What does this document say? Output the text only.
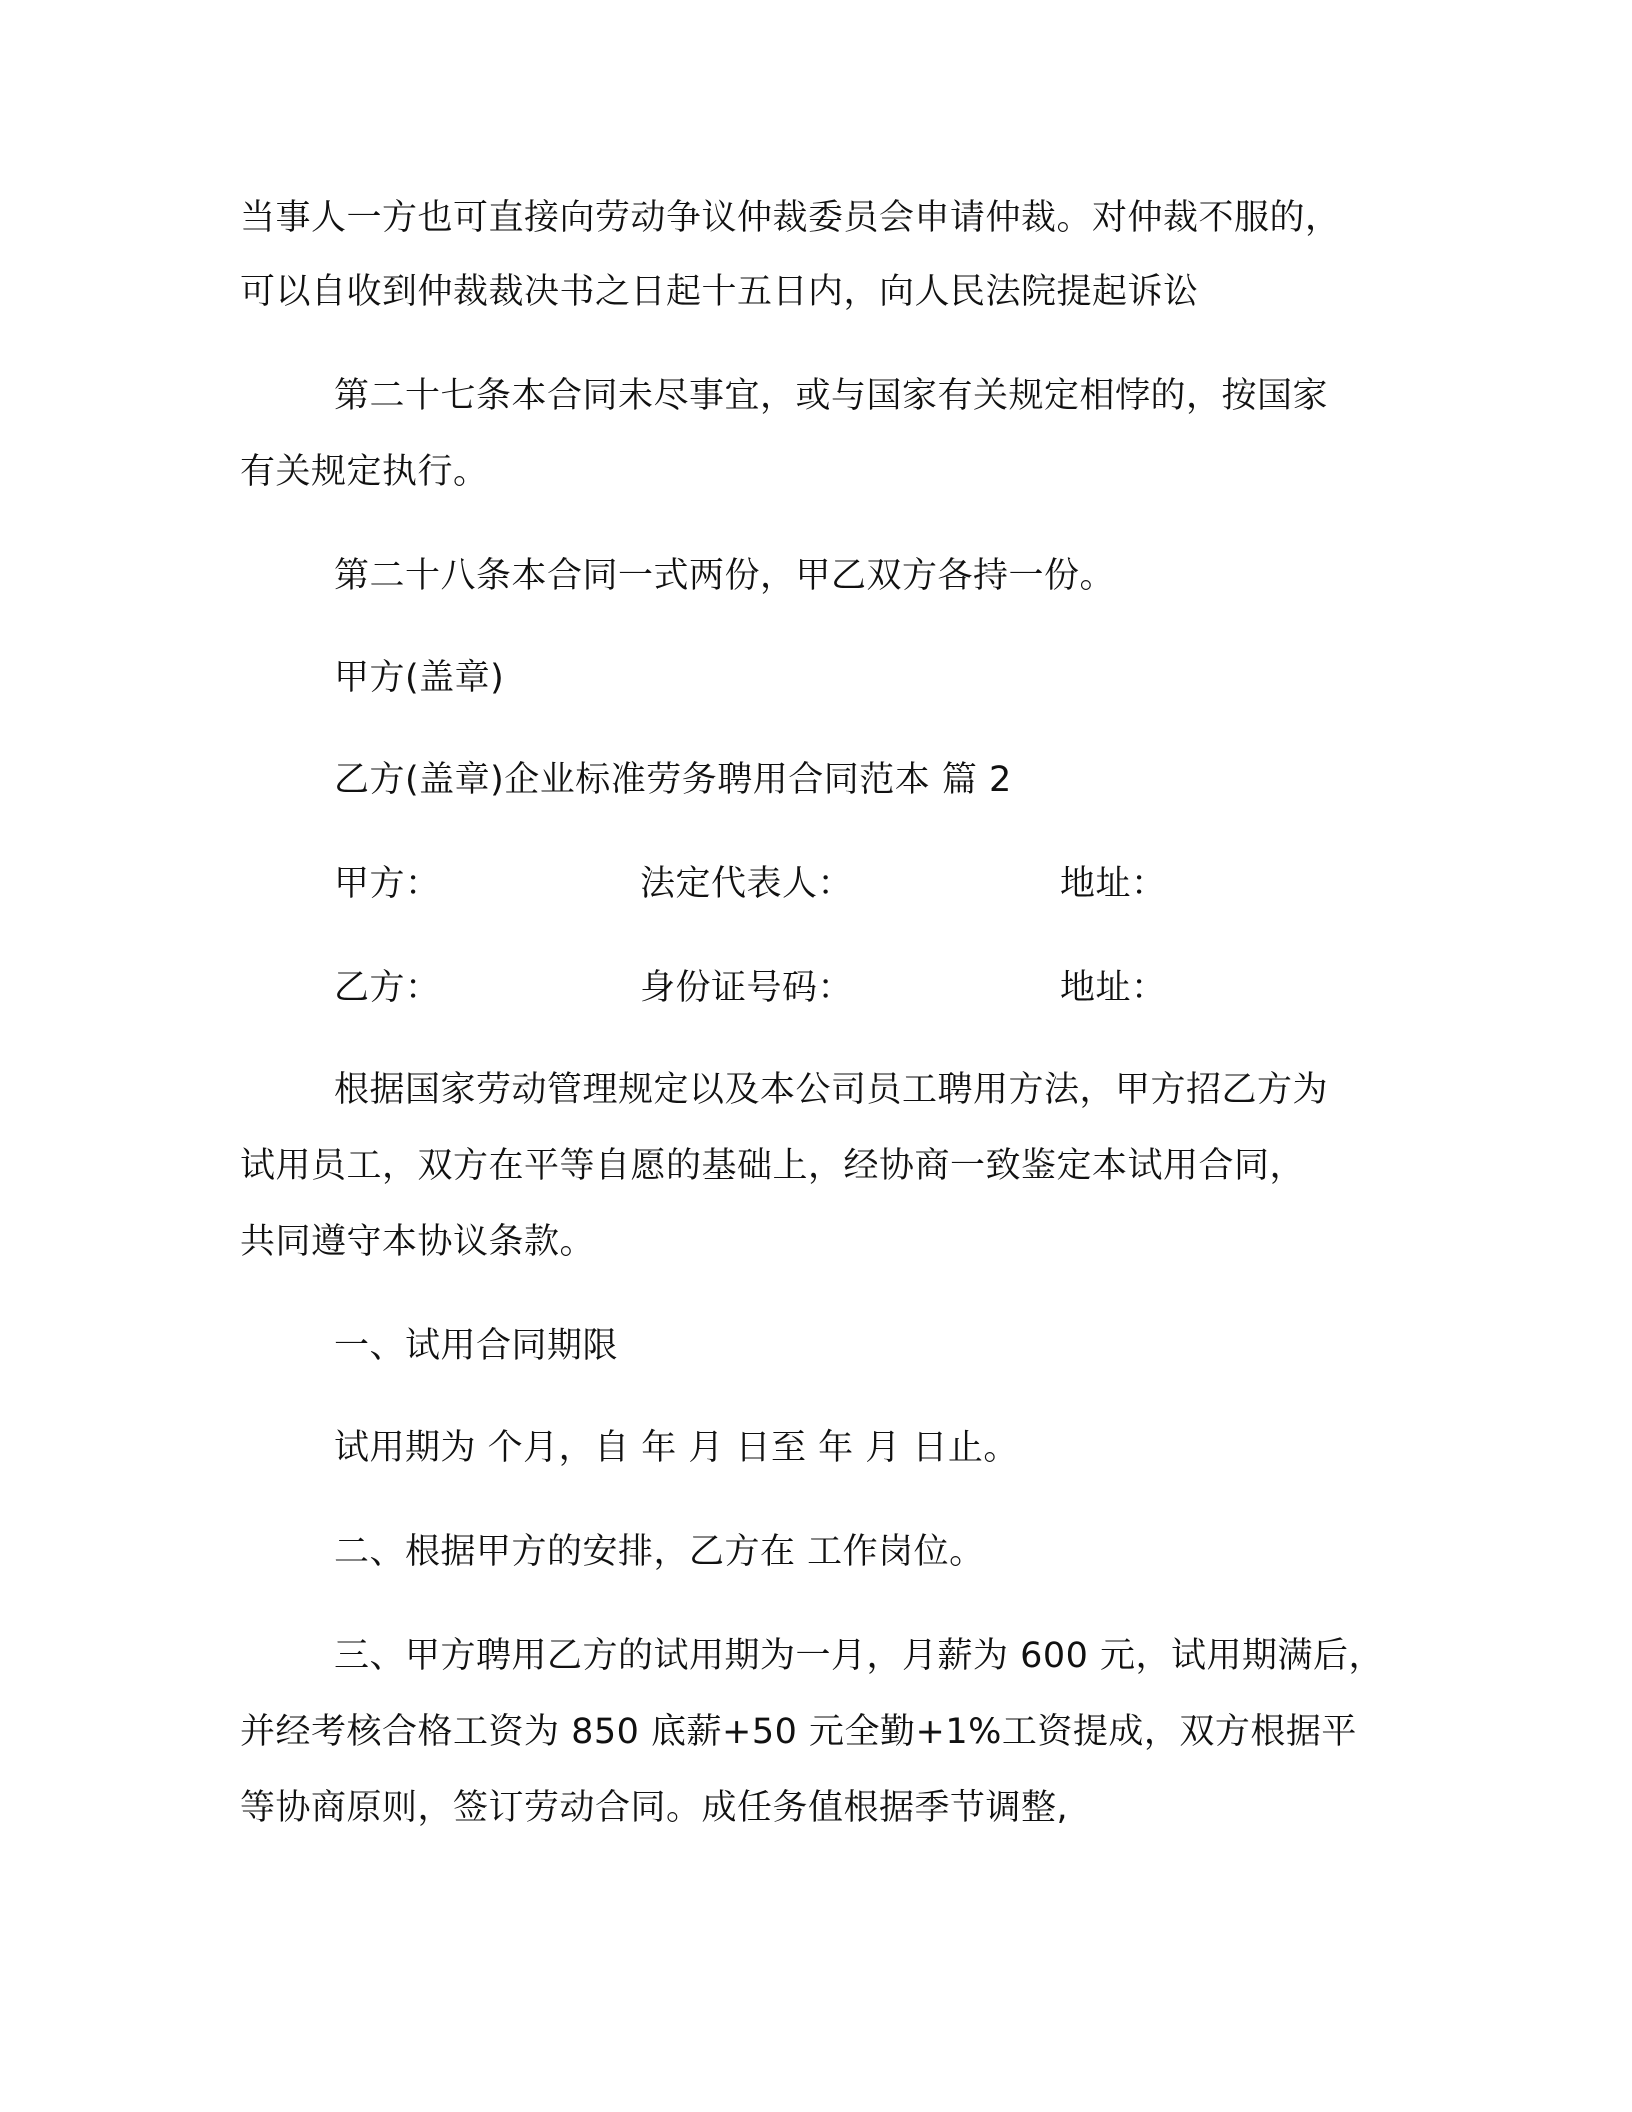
当事人一方也可直接向劳动争议仲裁委员会申请仲裁。对仲裁不服的，
可以自收到仲裁裁决书之日起十五日内，向人民法院提起诉讼
第二十七条本合同未尽事宜，或与国家有关规定相悖的，按国家
有关规定执行。
第二十八条本合同一式两份，甲乙双方各持一份。
甲方(盖章)
乙方(盖章)企业标准劳务聘用合同范本 篇 2
甲方：	法定代表人：	地址：
乙方：	身份证号码：	地址：
根据国家劳动管理规定以及本公司员工聘用方法，甲方招乙方为
试用员工，双方在平等自愿的基础上，经协商一致鉴定本试用合同，
共同遵守本协议条款。
一、试用合同期限
试用期为 个月，自 年 月 日至 年 月 日止。
二、根据甲方的安排，乙方在 工作岗位。
三、甲方聘用乙方的试用期为一月，月薪为 600 元，试用期满后，
并经考核合格工资为 850 底薪+50 元全勤+1%工资提成，双方根据平
等协商原则，签订劳动合同。成任务值根据季节调整,
